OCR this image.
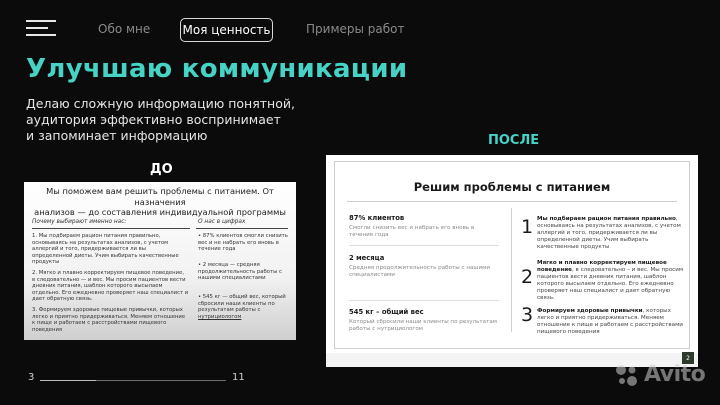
Обо мне	Моя ценность	Примеры работ
Улучшаю коммуникации
Делаю сложную информацию понятной,
аудитория эффективно воспринимает
и запоминает информацию
ДО
ПОСЛЕ
Мы поможем вам решить проблемы с питанием. От назначения
анализов — до составления индивидуальной программы
Почему выбирают именно нас:	О нас в цифрах
1. Мы подбираем рацион питания правильно,
основываясь на результатах анализов, с учетом
аллергий и того, придерживается ли вы
определенной диеты. Учим выбирать качественные
продукты
2. Мягко и плавно корректируем пищевое поведение,
в следовательно — и вес. Мы просим пациентов вести
дневник питания, шаблон которого высылаем
отдельно. Его ежедневно проверяет наш специалист и
дает обратную связь.
3. Формируем здоровые пищевые привычки, которых
легко и приятно придерживаться. Меняем отношение
к пище и работаем с расстройствами пищевого
поведения
• 87% клиентов смогли снизить
вес и не набрать его вновь в
течение года
• 2 месяца — средняя
продолжительность работы с
нашими специалистами
• 545 кг — общий вес, который
сбросили наши клиенты по
результатам работы с
нутрициологом
Решим проблемы с питанием
87% клиентов
Смогли снизить вес и набрать его вновь в течение года
2 месяца
Средняя продолжительность работы с нашими специалистами
545 кг – общий вес
Который сбросили наши клиенты по результатам работы с нутрициологом
1 Мы подбираем рацион питания правильно, основываясь на результатах анализов, с учетом аллергий и того, придерживается ли вы определенной диеты. Учим выбирать качественные продукты
2
Мягко и плавно корректируем пищевое поведение, в следовательно – и вес. Мы просим пациентов вести дневник питания, шаблон которого высылаем отдельно. Его ежедневно проверяет наш специалист и дает обратную связь.
3 Формируем здоровые привычки, которых легко и приятно придерживаться. Меняем отношение к пище и работаем с расстройствами пищевого поведения
2
3	11	Avito
